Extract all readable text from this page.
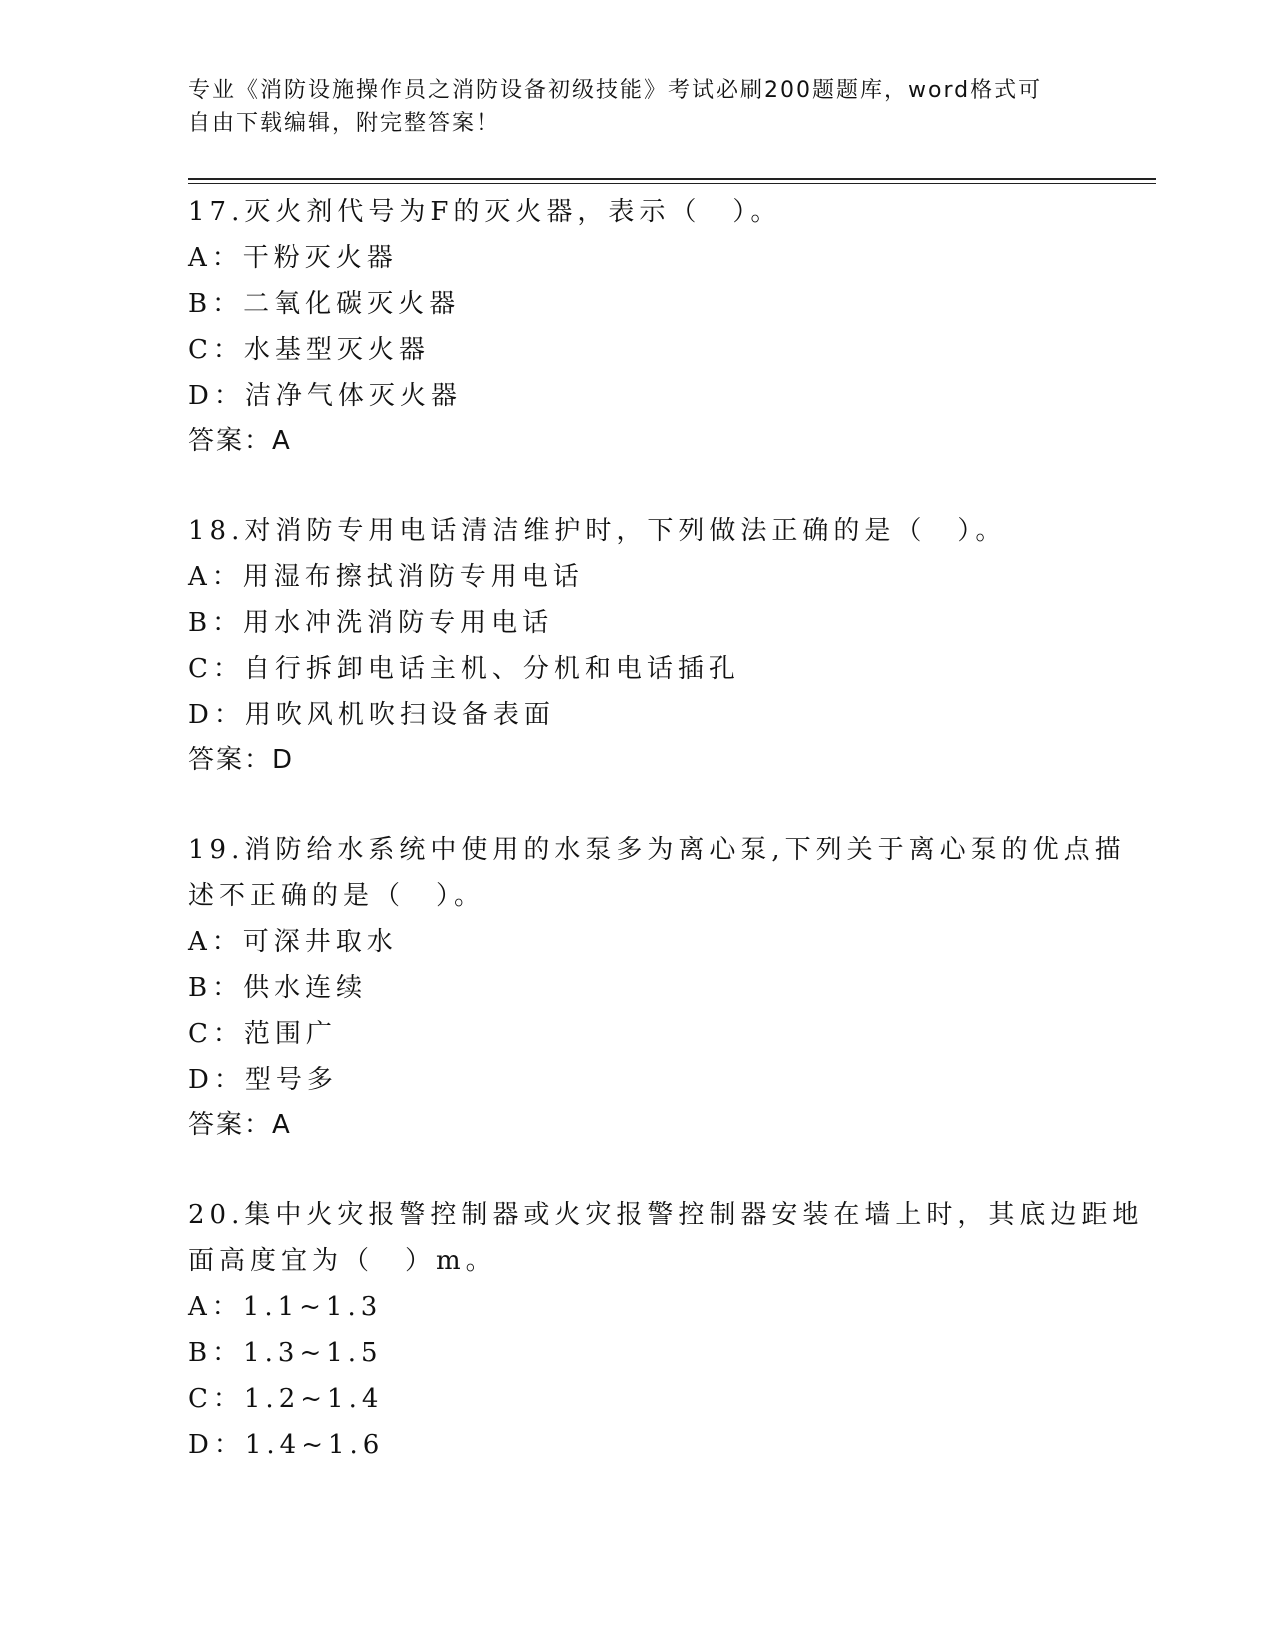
专业《消防设施操作员之消防设备初级技能》考试必刷200题题库，word格式可
自由下载编辑，附完整答案！
17.灭火剂代号为F的灭火器，表示（　）。
A：干粉灭火器
B：二氧化碳灭火器
C：水基型灭火器
D：洁净气体灭火器
答案：A
18.对消防专用电话清洁维护时，下列做法正确的是（　）。
A：用湿布擦拭消防专用电话
B：用水冲洗消防专用电话
C：自行拆卸电话主机、分机和电话插孔
D：用吹风机吹扫设备表面
答案：D
19.消防给水系统中使用的水泵多为离心泵,下列关于离心泵的优点描
述不正确的是（　）。
A：可深井取水
B：供水连续
C：范围广
D：型号多
答案：A
20.集中火灾报警控制器或火灾报警控制器安装在墙上时，其底边距地
面高度宜为（　）m。
A：1.1~1.3
B：1.3~1.5
C：1.2~1.4
D：1.4~1.6
